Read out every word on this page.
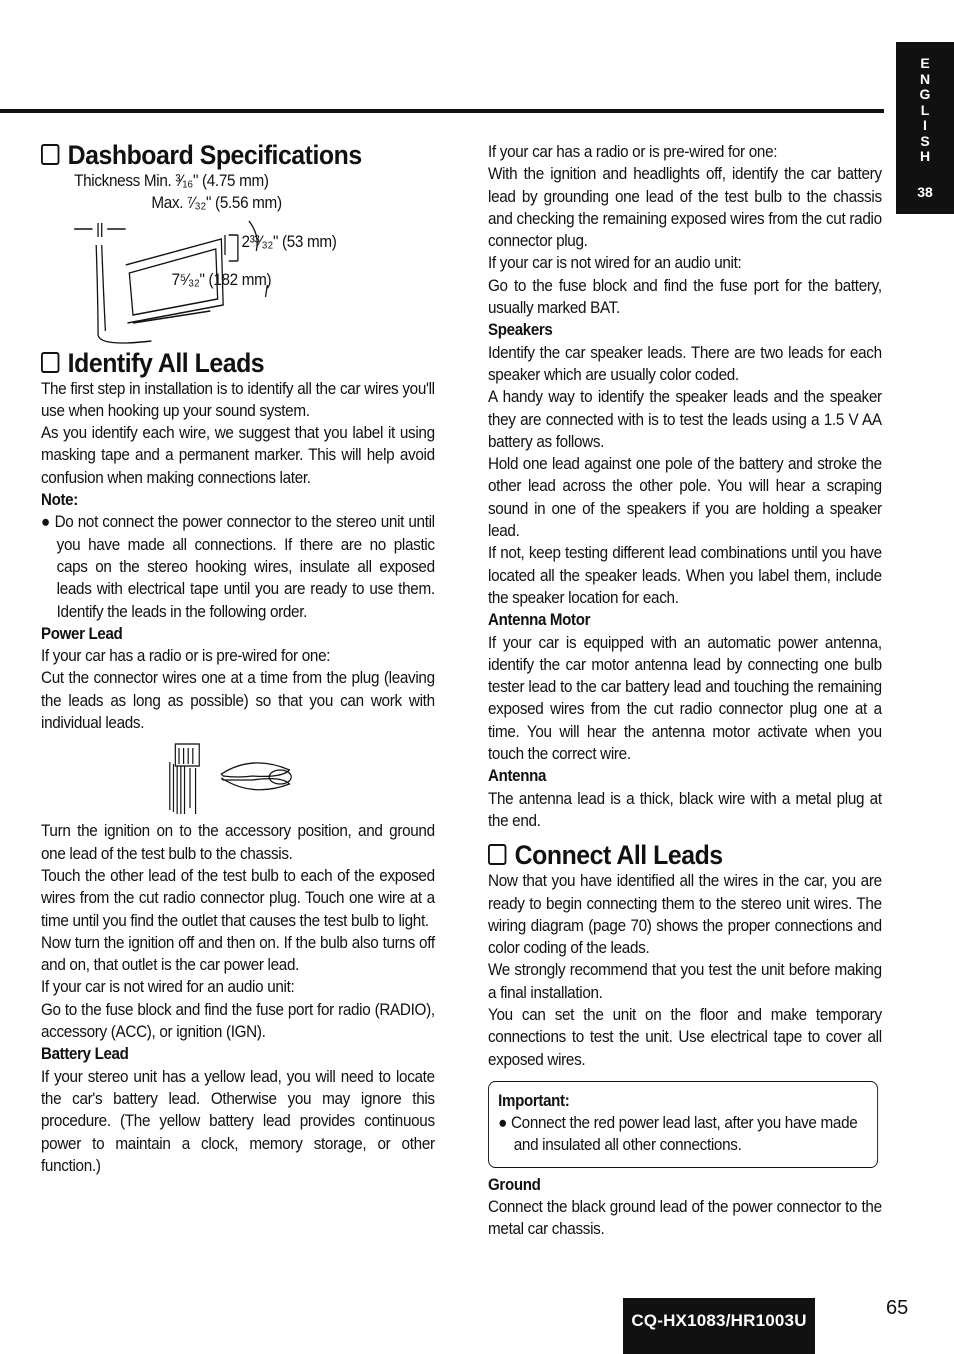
E
N
G
L
I
S
H
38
Dashboard Specifications

Thickness Min. ³⁄₁₆" (4.75 mm)

Max. ⁷⁄₃₂" (5.56 mm)

2³³⁄₃₂" (53 mm)
7⁵⁄₃₂" (182 mm)
Identify All Leads

The first step in installation is to identify all the car wires you'll use when hooking up your sound system.

As you identify each wire, we suggest that you label it using masking tape and a permanent marker. This will help avoid confusion when making connections later.

Note:

● Do not connect the power connector to the stereo unit until you have made all connections. If there are no plastic caps on the stereo hooking wires, insulate all exposed leads with electrical tape until you are ready to use them. Identify the leads in the following order.

Power Lead

If your car has a radio or is pre-wired for one:

Cut the connector wires one at a time from the plug (leaving the leads as long as possible) so that you can work with individual leads.

Turn the ignition on to the accessory position, and ground one lead of the test bulb to the chassis.

Touch the other lead of the test bulb to each of the exposed wires from the cut radio connector plug. Touch one wire at a time until you find the outlet that causes the test bulb to light.

Now turn the ignition off and then on. If the bulb also turns off and on, that outlet is the car power lead.

If your car is not wired for an audio unit:

Go to the fuse block and find the fuse port for radio (RADIO), accessory (ACC), or ignition (IGN).

Battery Lead

If your stereo unit has a yellow lead, you will need to locate the car's battery lead. Otherwise you may ignore this procedure. (The yellow battery lead provides continuous power to maintain a clock, memory storage, or other function.)

If your car has a radio or is pre-wired for one:

With the ignition and headlights off, identify the car battery lead by grounding one lead of the test bulb to the chassis and checking the remaining exposed wires from the cut radio connector plug.

If your car is not wired for an audio unit:

Go to the fuse block and find the fuse port for the battery, usually marked BAT.

Speakers

Identify the car speaker leads. There are two leads for each speaker which are usually color coded.

A handy way to identify the speaker leads and the speaker they are connected with is to test the leads using a 1.5 V AA battery as follows.

Hold one lead against one pole of the battery and stroke the other lead across the other pole. You will hear a scraping sound in one of the speakers if you are holding a speaker lead.

If not, keep testing different lead combinations until you have located all the speaker leads. When you label them, include the speaker location for each.

Antenna Motor

If your car is equipped with an automatic power antenna, identify the car motor antenna lead by connecting one bulb tester lead to the car battery lead and touching the remaining exposed wires from the cut radio connector plug one at a time. You will hear the antenna motor activate when you touch the correct wire.

Antenna

The antenna lead is a thick, black wire with a metal plug at the end.

Connect All Leads

Now that you have identified all the wires in the car, you are ready to begin connecting them to the stereo unit wires. The wiring diagram (page 70) shows the proper connections and color coding of the leads.

We strongly recommend that you test the unit before making a final installation.

You can set the unit on the floor and make temporary connections to test the unit. Use electrical tape to cover all exposed wires.

Important:

● Connect the red power lead last, after you have made and insulated all other connections.

Ground

Connect the black ground lead of the power connector to the metal car chassis.

CQ-HX1083/HR1003U
65
